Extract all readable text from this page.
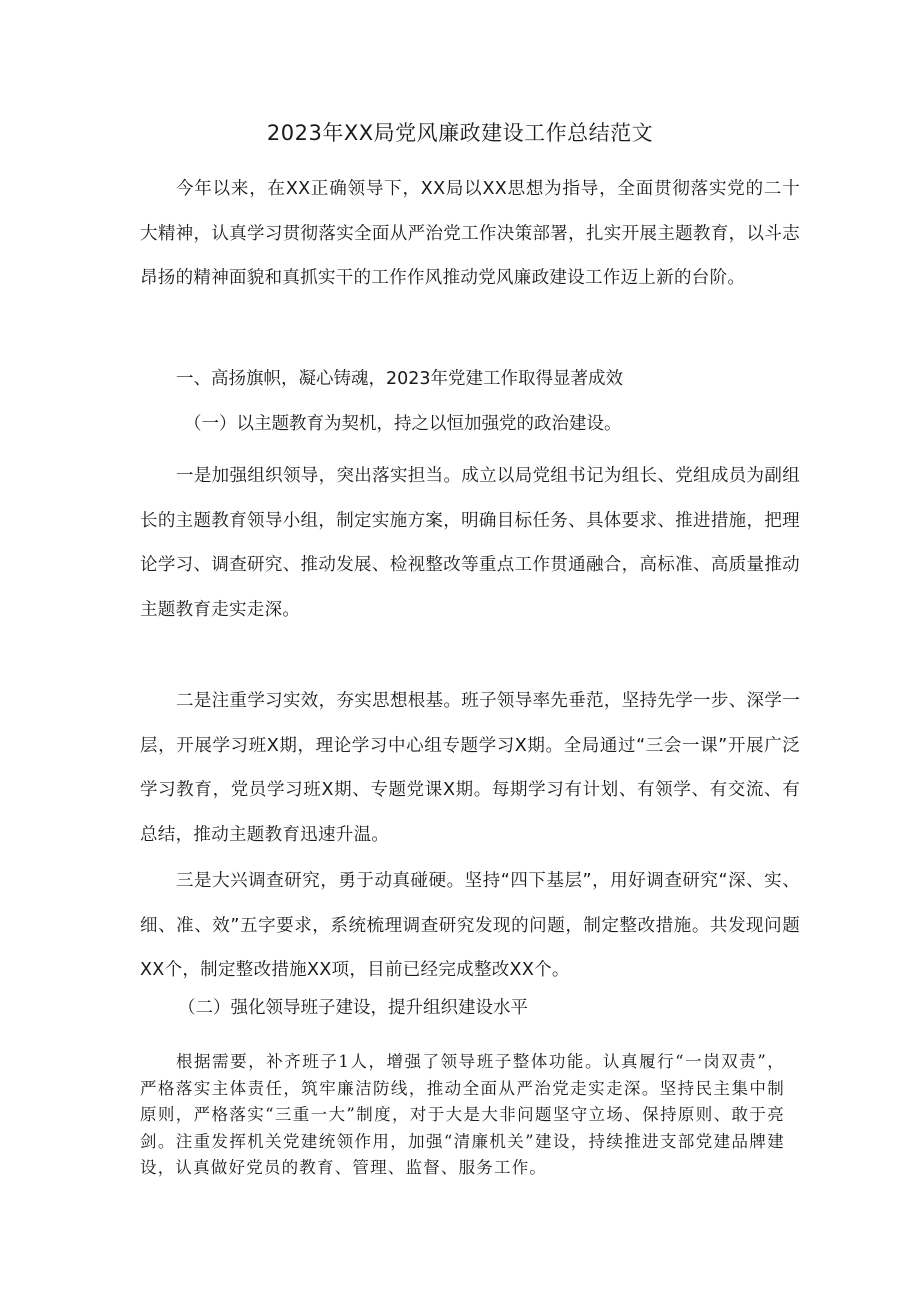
2023年XX局党风廉政建设工作总结范文

今年以来，在XX正确领导下，XX局以XX思想为指导，全面贯彻落实党的二十大精神，认真学习贯彻落实全面从严治党工作决策部署，扎实开展主题教育，以斗志昂扬的精神面貌和真抓实干的工作作风推动党风廉政建设工作迈上新的台阶。

一、高扬旗帜，凝心铸魂，2023年党建工作取得显著成效

（一）以主题教育为契机，持之以恒加强党的政治建设。

一是加强组织领导，突出落实担当。成立以局党组书记为组长、党组成员为副组长的主题教育领导小组，制定实施方案，明确目标任务、具体要求、推进措施，把理论学习、调查研究、推动发展、检视整改等重点工作贯通融合，高标准、高质量推动主题教育走实走深。

二是注重学习实效，夯实思想根基。班子领导率先垂范，坚持先学一步、深学一层，开展学习班X期，理论学习中心组专题学习X期。全局通过“三会一课”开展广泛学习教育，党员学习班X期、专题党课X期。每期学习有计划、有领学、有交流、有总结，推动主题教育迅速升温。

三是大兴调查研究，勇于动真碰硬。坚持“四下基层”，用好调查研究“深、实、细、准、效”五字要求，系统梳理调查研究发现的问题，制定整改措施。共发现问题XX个，制定整改措施XX项，目前已经完成整改XX个。

（二）强化领导班子建设，提升组织建设水平

根据需要，补齐班子1人，增强了领导班子整体功能。认真履行“一岗双责”，严格落实主体责任，筑牢廉洁防线，推动全面从严治党走实走深。坚持民主集中制原则，严格落实“三重一大”制度，对于大是大非问题坚守立场、保持原则、敢于亮剑。注重发挥机关党建统领作用，加强“清廉机关”建设，持续推进支部党建品牌建设，认真做好党员的教育、管理、监督、服务工作。
